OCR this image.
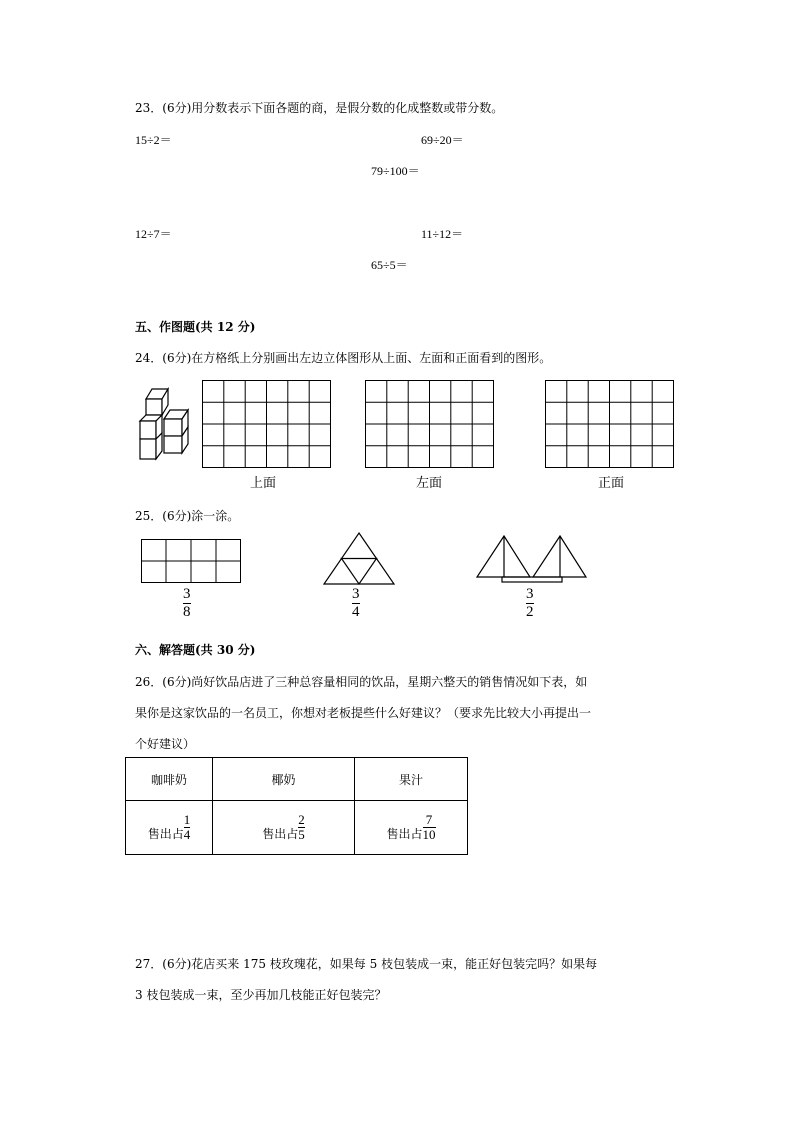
23．(6分)用分数表示下面各题的商，是假分数的化成整数或带分数。
15÷2＝	69÷20＝
79÷100＝
12÷7＝	11÷12＝
65÷5＝
五、作图题(共 12 分)
24．(6分)在方格纸上分别画出左边立体图形从上面、左面和正面看到的图形。
上面	左面	正面
25．(6分)涂一涂。
3
8
3
4
3
2
六、解答题(共 30 分)
26．(6分)尚好饮品店进了三种总容量相同的饮品，星期六整天的销售情况如下表，如
果你是这家饮品的一名员工，你想对老板提些什么好建议？（要求先比较大小再提出一
个好建议）
咖啡奶	椰奶	果汁
售出占 $\frac{1}{4}$	售出占 $\frac{2}{5}$	售出占 $\frac{7}{10}$
27．(6分)花店买来 175 枝玫瑰花，如果每 5 枝包装成一束，能正好包装完吗？如果每
3 枝包装成一束，至少再加几枝能正好包装完？
